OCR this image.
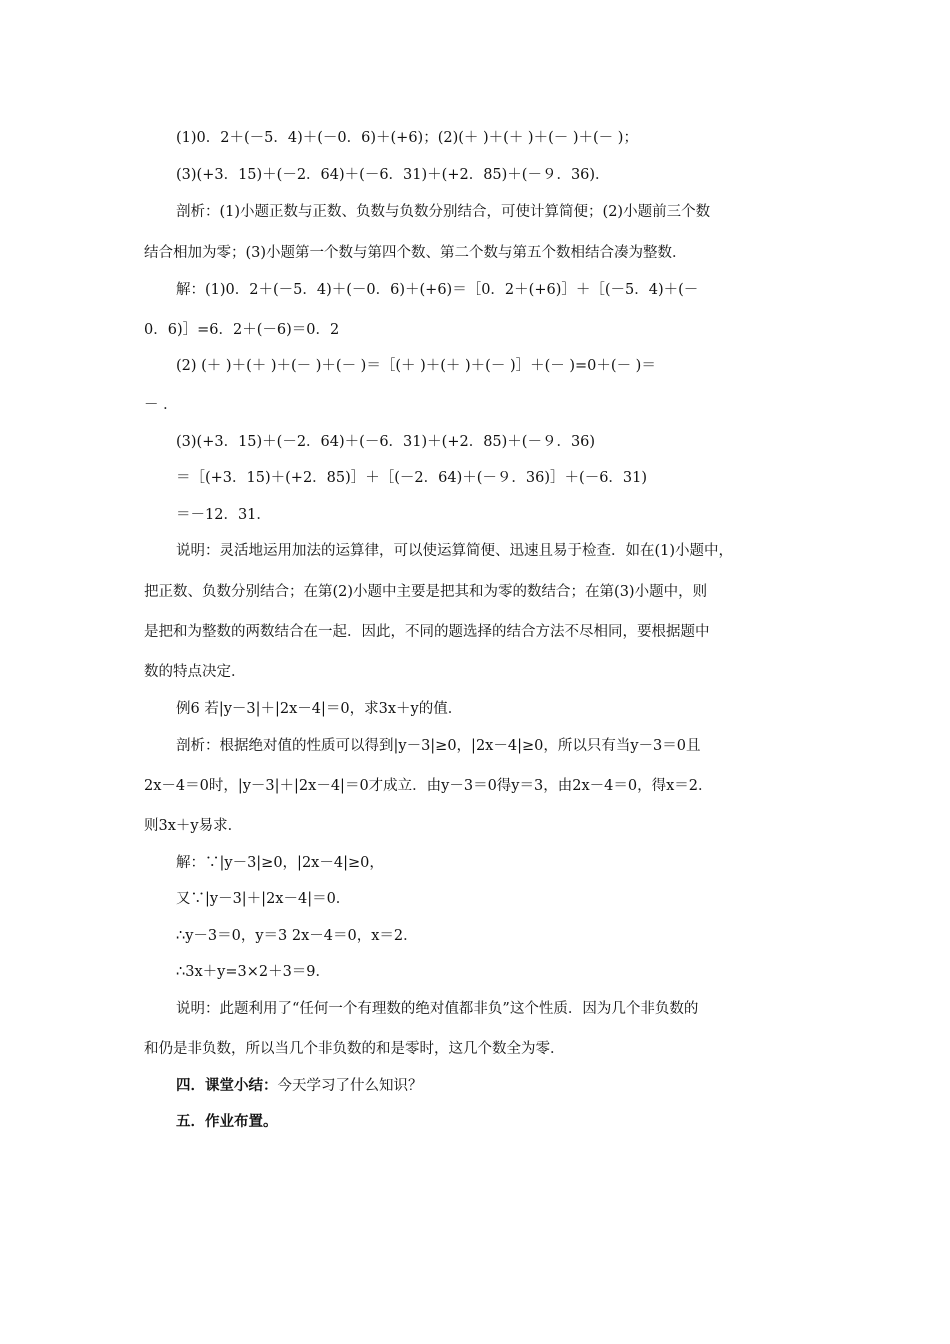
(1)0．2＋(－5．4)＋(－0．6)＋(+6)；(2)(＋ )＋(＋ )＋(－ )＋(－ )；
(3)(+3．15)＋(－2．64)＋(－6．31)＋(+2．85)＋(－９．36)．
剖析：(1)小题正数与正数、负数与负数分别结合，可使计算简便；(2)小题前三个数
结合相加为零；(3)小题第一个数与第四个数、第二个数与第五个数相结合凑为整数．
解：(1)0．2＋(－5．4)＋(－0．6)＋(+6)＝［0．2＋(+6)］＋［(－5．4)＋(－
0．6)］=6．2＋(－6)＝0．2
(2) (＋ )＋(＋ )＋(－ )＋(－ )＝［(＋ )＋(＋ )＋(－ )］＋(－ )=0＋(－ )＝
－ ．
(3)(+3．15)＋(－2．64)＋(－6．31)＋(+2．85)＋(－９．36)
＝［(+3．15)＋(+2．85)］＋［(－2．64)＋(－９．36)］＋(－6．31)
＝－12．31．
说明：灵活地运用加法的运算律，可以使运算简便、迅速且易于检查．如在(1)小题中，
把正数、负数分别结合；在第(2)小题中主要是把其和为零的数结合；在第(3)小题中，则
是把和为整数的两数结合在一起．因此，不同的题选择的结合方法不尽相同，要根据题中
数的特点决定．
例6 若|y－3|＋|2x－4|＝0，求3x＋y的值．
剖析：根据绝对值的性质可以得到|y－3|≥0，|2x－4|≥0，所以只有当y－3＝0且
2x－4＝0时，|y－3|＋|2x－4|＝0才成立．由y－3＝0得y＝3，由2x－4＝0，得x＝2．
则3x＋y易求．
解：∵|y－3|≥0，|2x－4|≥0，
又∵|y－3|＋|2x－4|＝0．
∴y－3＝0，y＝3 2x－4＝0，x＝2．
∴3x＋y=3×2＋3＝9．
说明：此题利用了“任何一个有理数的绝对值都非负”这个性质．因为几个非负数的
和仍是非负数，所以当几个非负数的和是零时，这几个数全为零．
四．课堂小结：今天学习了什么知识？
五．作业布置。
